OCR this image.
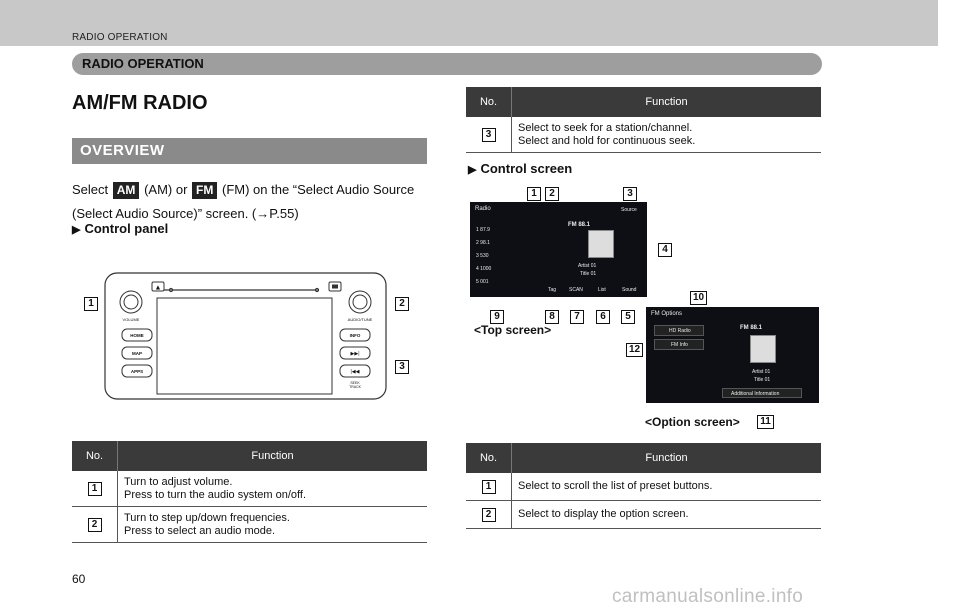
RADIO OPERATION
RADIO OPERATION
AM/FM RADIO
OVERVIEW
Select AM (AM) or FM (FM) on the “Select Audio Source (Select Audio Source)” screen. (→P.55)
▶ Control panel
▲
VOLUME	AUDIO/TUNE
HOME
MAP
APPS
INFO
▶▶|
|◀◀
SEEK
TRACK
1	2
3
No.	Function
1
Turn to adjust volume.
Press to turn the audio system on/off.
2
Turn to step up/down frequencies.
Press to select an audio mode.
No.	Function
3
Select to seek for a station/channel.
Select and hold for continuous seek.
▶ Control screen
Radio
FM 88.1
Source
1 87.9
2 98.1
3 530
4 1000
5 001
Artist 01
Title 01
Tag	SCAN	List	Sound
1	2	3
4
9	8	7	6	5
<Top screen>
FM Options
HD Radio
FM Info
FM 88.1
Artist 01
Title 01
Additional Information
10
12
11
<Option screen>
No.	Function
1	Select to scroll the list of preset buttons.
2	Select to display the option screen.
60
carmanualsonline.info
